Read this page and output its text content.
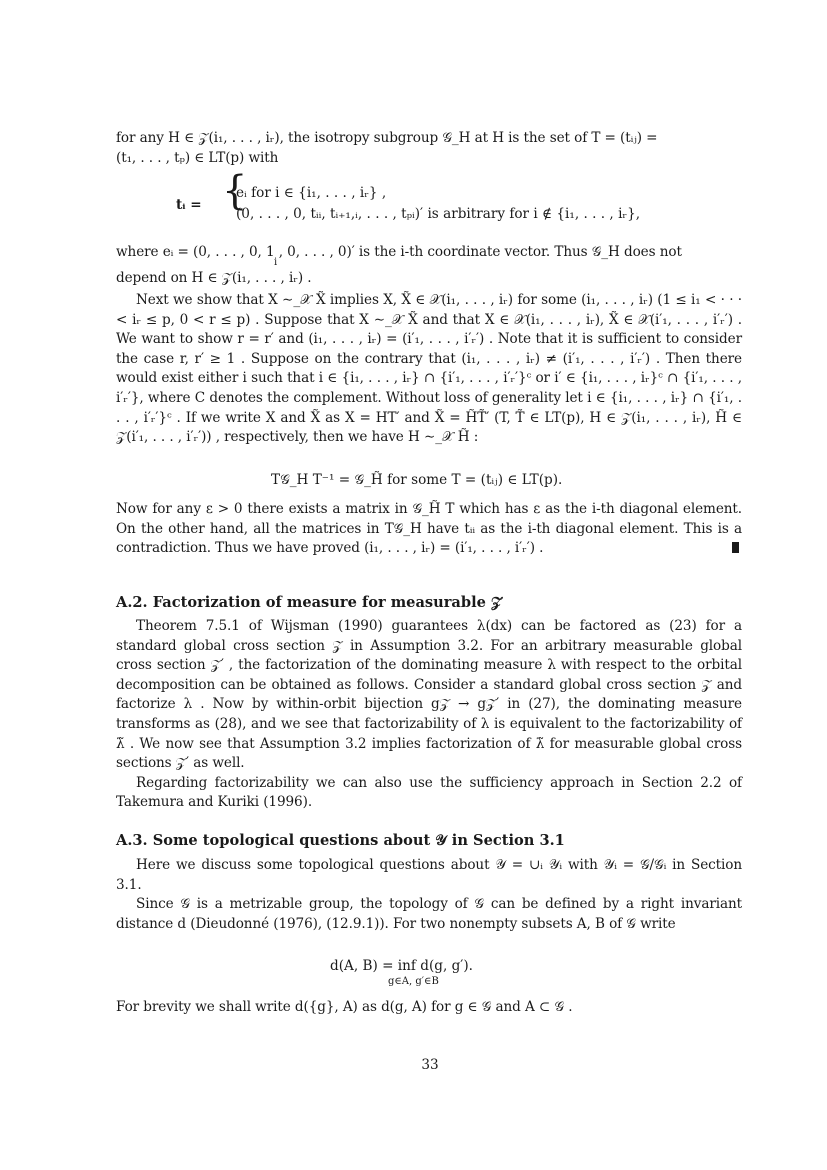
for any H ∈ 𝒵(i₁, . . . , iᵣ), the isotropy subgroup 𝒢_H at H is the set of T = (tᵢⱼ) =

(t₁, . . . , tₚ) ∈ LT(p) with

tᵢ = {
eᵢ for i ∈ {i₁, . . . , iᵣ} ,
(0, . . . , 0, tᵢᵢ, tᵢ₊₁,ᵢ, . . . , tₚᵢ)′ is arbitrary for i ∉ {i₁, . . . , iᵣ},

where eᵢ = (0, . . . , 0, 1 , 0, . . . , 0)′ is the i-th coordinate vector. Thus 𝒢_H does not

depend on H ∈ 𝒵(i₁, . . . , iᵣ) .

i

Next we show that X ∼_𝒳 X̃ implies X, X̃ ∈ 𝒳(i₁, . . . , iᵣ) for some (i₁, . . . , iᵣ) (1 ≤ i₁ < · · · < iᵣ ≤ p, 0 < r ≤ p) . Suppose that X ∼_𝒳 X̃ and that X ∈ 𝒳(i₁, . . . , iᵣ), X̃ ∈ 𝒳(i′₁, . . . , i′ᵣ′) . We want to show r = r′ and (i₁, . . . , iᵣ) = (i′₁, . . . , i′ᵣ′) . Note that it is sufficient to consider the case r, r′ ≥ 1 . Suppose on the contrary that (i₁, . . . , iᵣ) ≠ (i′₁, . . . , i′ᵣ′) . Then there would exist either i such that i ∈ {i₁, . . . , iᵣ} ∩ {i′₁, . . . , i′ᵣ′}ᶜ or i′ ∈ {i₁, . . . , iᵣ}ᶜ ∩ {i′₁, . . . , i′ᵣ′}, where C denotes the complement. Without loss of generality let i ∈ {i₁, . . . , iᵣ} ∩ {i′₁, . . . , i′ᵣ′}ᶜ . If we write X and X̃ as X = HT′ and X̃ = H̃T̃′ (T, T̃ ∈ LT(p), H ∈ 𝒵(i₁, . . . , iᵣ), H̃ ∈ 𝒵(i′₁, . . . , i′ᵣ′)) , respectively, then we have H ∼_𝒳 H̃ :

T𝒢_H T⁻¹ = 𝒢_H̃ for some T = (tᵢⱼ) ∈ LT(p).

Now for any ε > 0 there exists a matrix in 𝒢_H̃ T which has ε as the i-th diagonal element. On the other hand, all the matrices in T𝒢_H have tᵢᵢ as the i-th diagonal element. This is a contradiction. Thus we have proved (i₁, . . . , iᵣ) = (i′₁, . . . , i′ᵣ′) .

A.2. Factorization of measure for measurable 𝒵

Theorem 7.5.1 of Wijsman (1990) guarantees λ(dx) can be factored as (23) for a standard global cross section 𝒵 in Assumption 3.2. For an arbitrary measurable global cross section 𝒵′ , the factorization of the dominating measure λ with respect to the orbital decomposition can be obtained as follows. Consider a standard global cross section 𝒵 and factorize λ . Now by within-orbit bijection g𝒵 → g𝒵′ in (27), the dominating measure transforms as (28), and we see that factorizability of λ is equivalent to the factorizability of λ̃ . We now see that Assumption 3.2 implies factorization of λ̃ for measurable global cross sections 𝒵′ as well.

Regarding factorizability we can also use the sufficiency approach in Section 2.2 of Takemura and Kuriki (1996).

A.3. Some topological questions about 𝒴 in Section 3.1

Here we discuss some topological questions about 𝒴 = ∪ᵢ 𝒴ᵢ with 𝒴ᵢ = 𝒢/𝒢ᵢ in Section 3.1.

Since 𝒢 is a metrizable group, the topology of 𝒢 can be defined by a right invariant distance d (Dieudonné (1976), (12.9.1)). For two nonempty subsets A, B of 𝒢 write

d(A, B) = inf d(g, g′).
g∈A, g′∈B

For brevity we shall write d({g}, A) as d(g, A) for g ∈ 𝒢 and A ⊂ 𝒢 .

33
